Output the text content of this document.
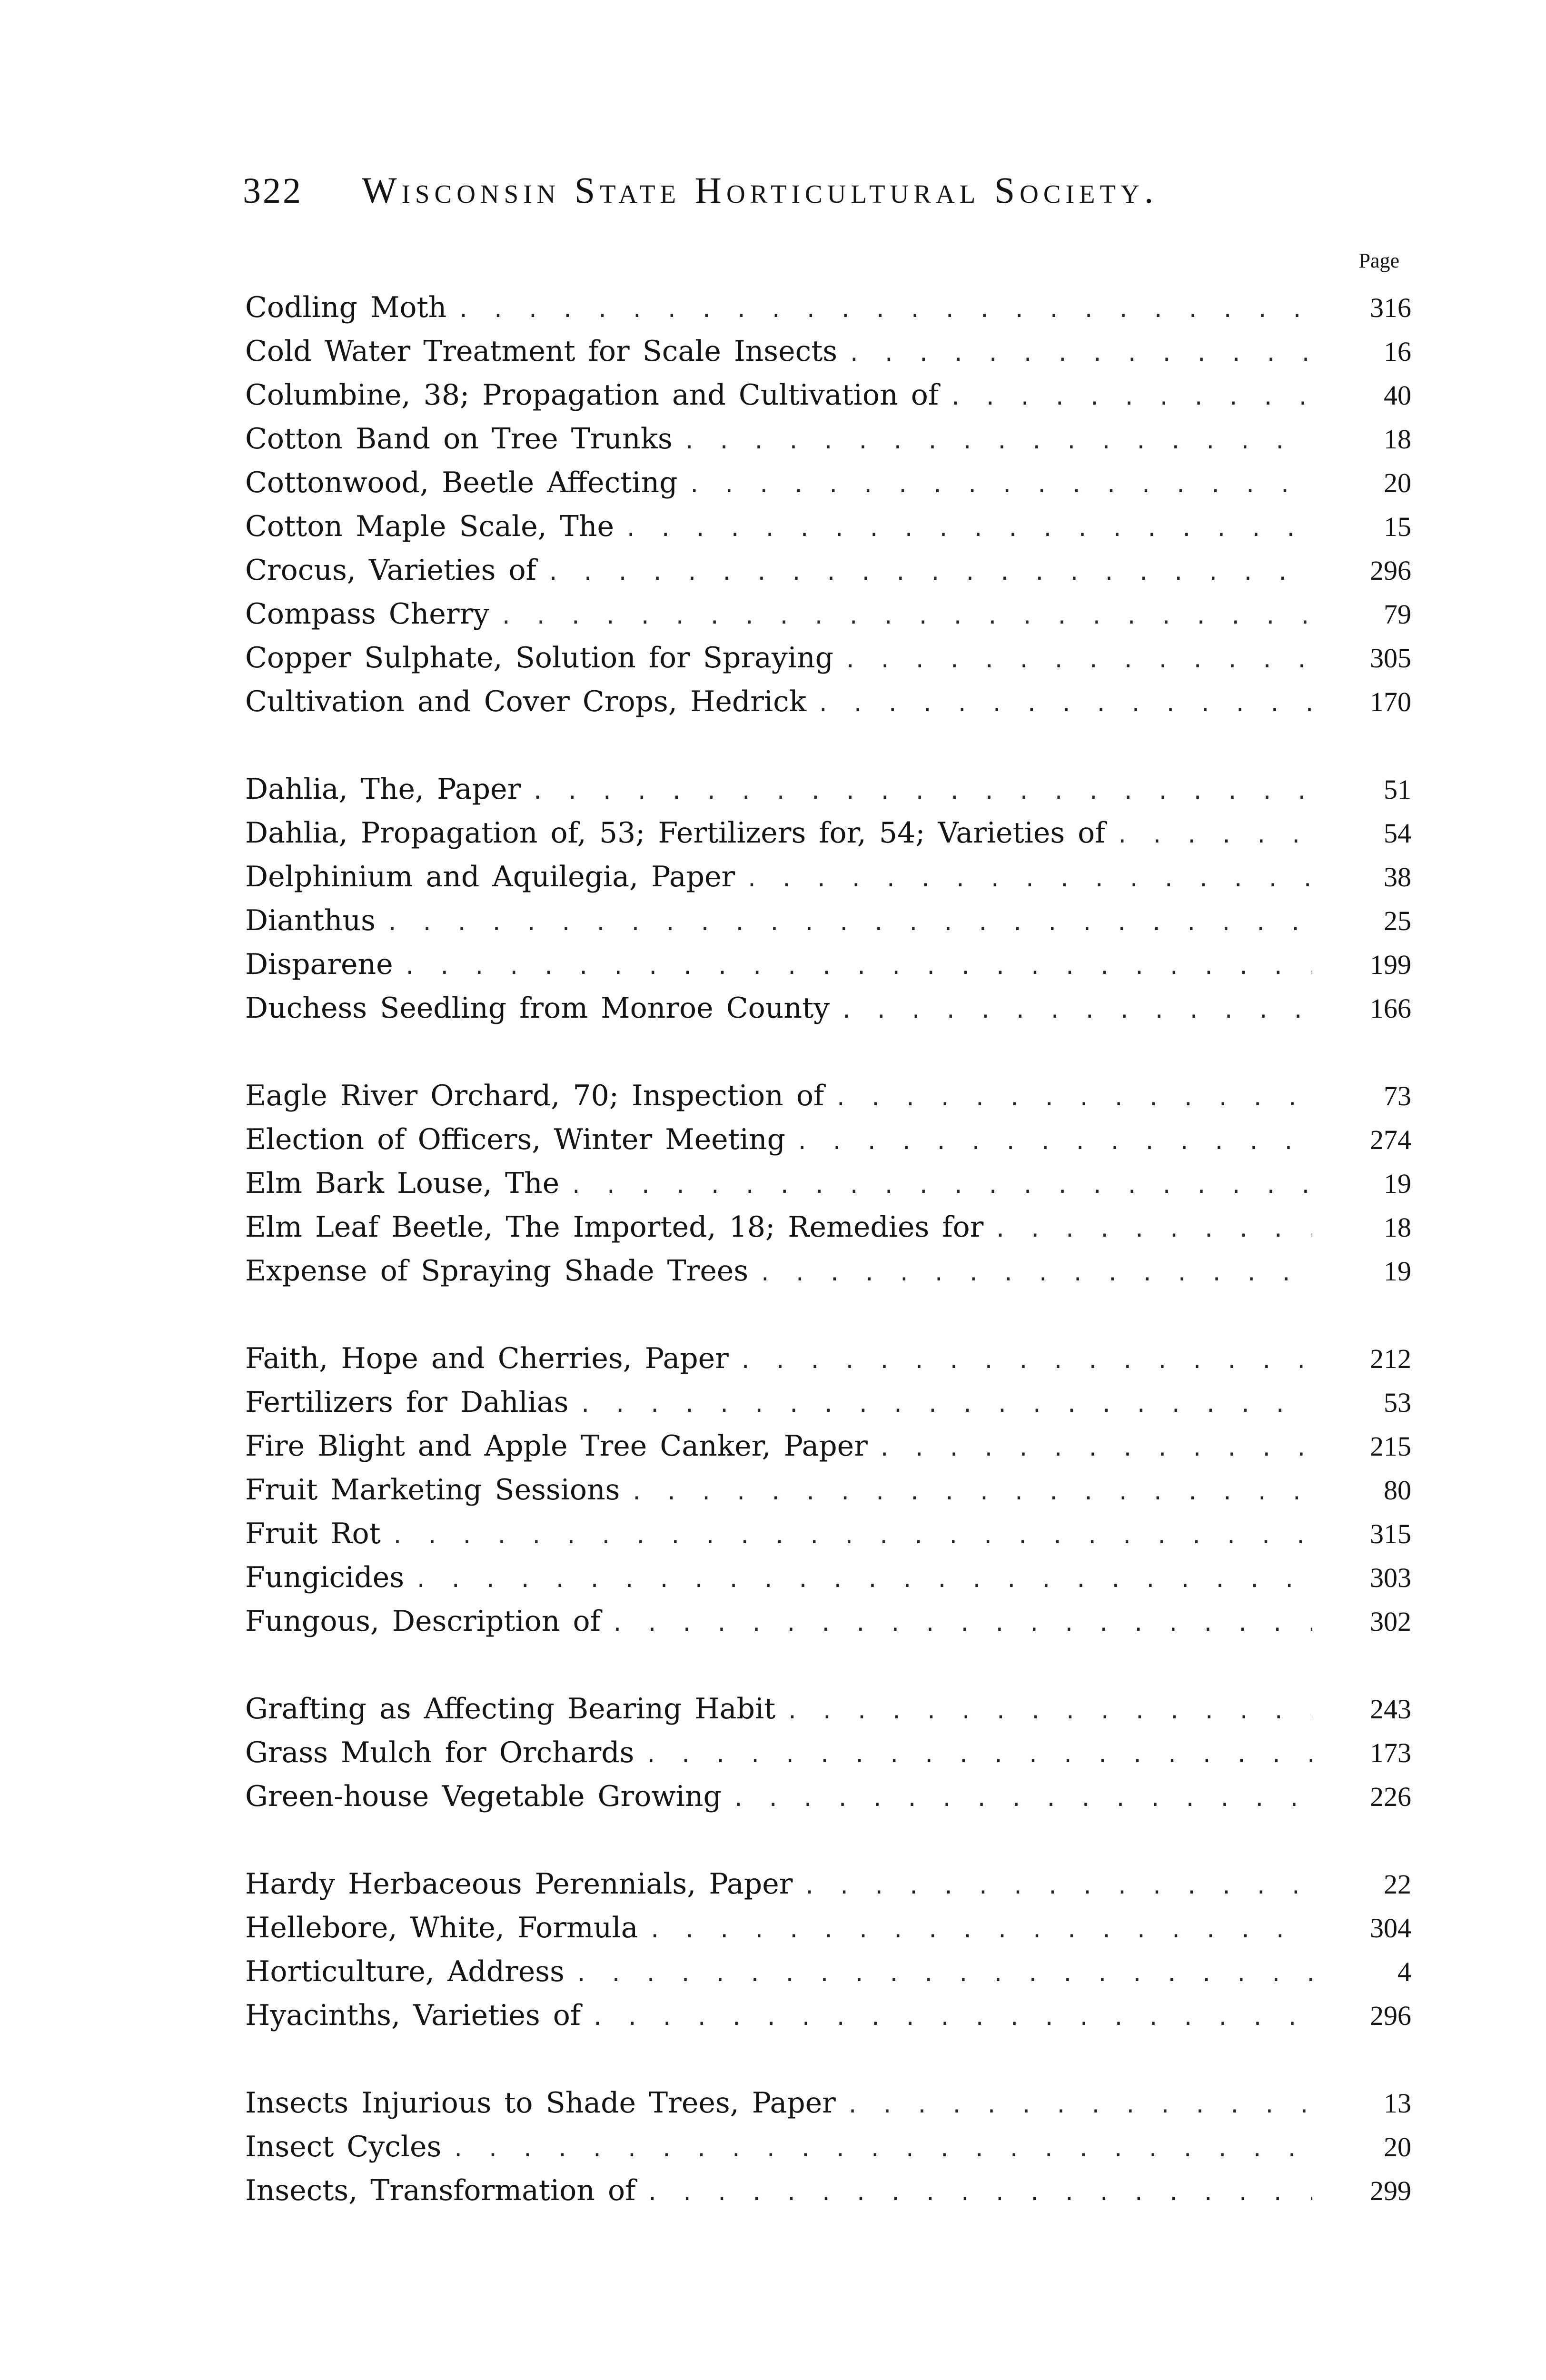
322	Wisconsin State Horticultural Society.
Page
Codling Moth . . .	316
Cold Water Treatment for Scale Insects . . .	16
Columbine, 38; Propagation and Cultivation of . . .	40
Cotton Band on Tree Trunks . . .	18
Cottonwood, Beetle Affecting . . .	20
Cotton Maple Scale, The . . .	15
Crocus, Varieties of . . .	296
Compass Cherry . . .	79
Copper Sulphate, Solution for Spraying . . .	305
Cultivation and Cover Crops, Hedrick . . .	170
Dahlia, The, Paper . . .	51
Dahlia, Propagation of, 53; Fertilizers for, 54; Varieties of . . .	54
Delphinium and Aquilegia, Paper . . .	38
Dianthus . . .	25
Disparene . . .	199
Duchess Seedling from Monroe County . . .	166
Eagle River Orchard, 70; Inspection of . . .	73
Election of Officers, Winter Meeting . . .	274
Elm Bark Louse, The . . .	19
Elm Leaf Beetle, The Imported, 18; Remedies for . . .	18
Expense of Spraying Shade Trees . . .	19
Faith, Hope and Cherries, Paper . . .	212
Fertilizers for Dahlias . . .	53
Fire Blight and Apple Tree Canker, Paper . . .	215
Fruit Marketing Sessions . . .	80
Fruit Rot . . .	315
Fungicides . . .	303
Fungous, Description of . . .	302
Grafting as Affecting Bearing Habit . . .	243
Grass Mulch for Orchards . . .	173
Green-house Vegetable Growing . . .	226
Hardy Herbaceous Perennials, Paper . . .	22
Hellebore, White, Formula . . .	304
Horticulture, Address . . .	4
Hyacinths, Varieties of . . .	296
Insects Injurious to Shade Trees, Paper . . .	13
Insect Cycles . . .	20
Insects, Transformation of . . .	299
